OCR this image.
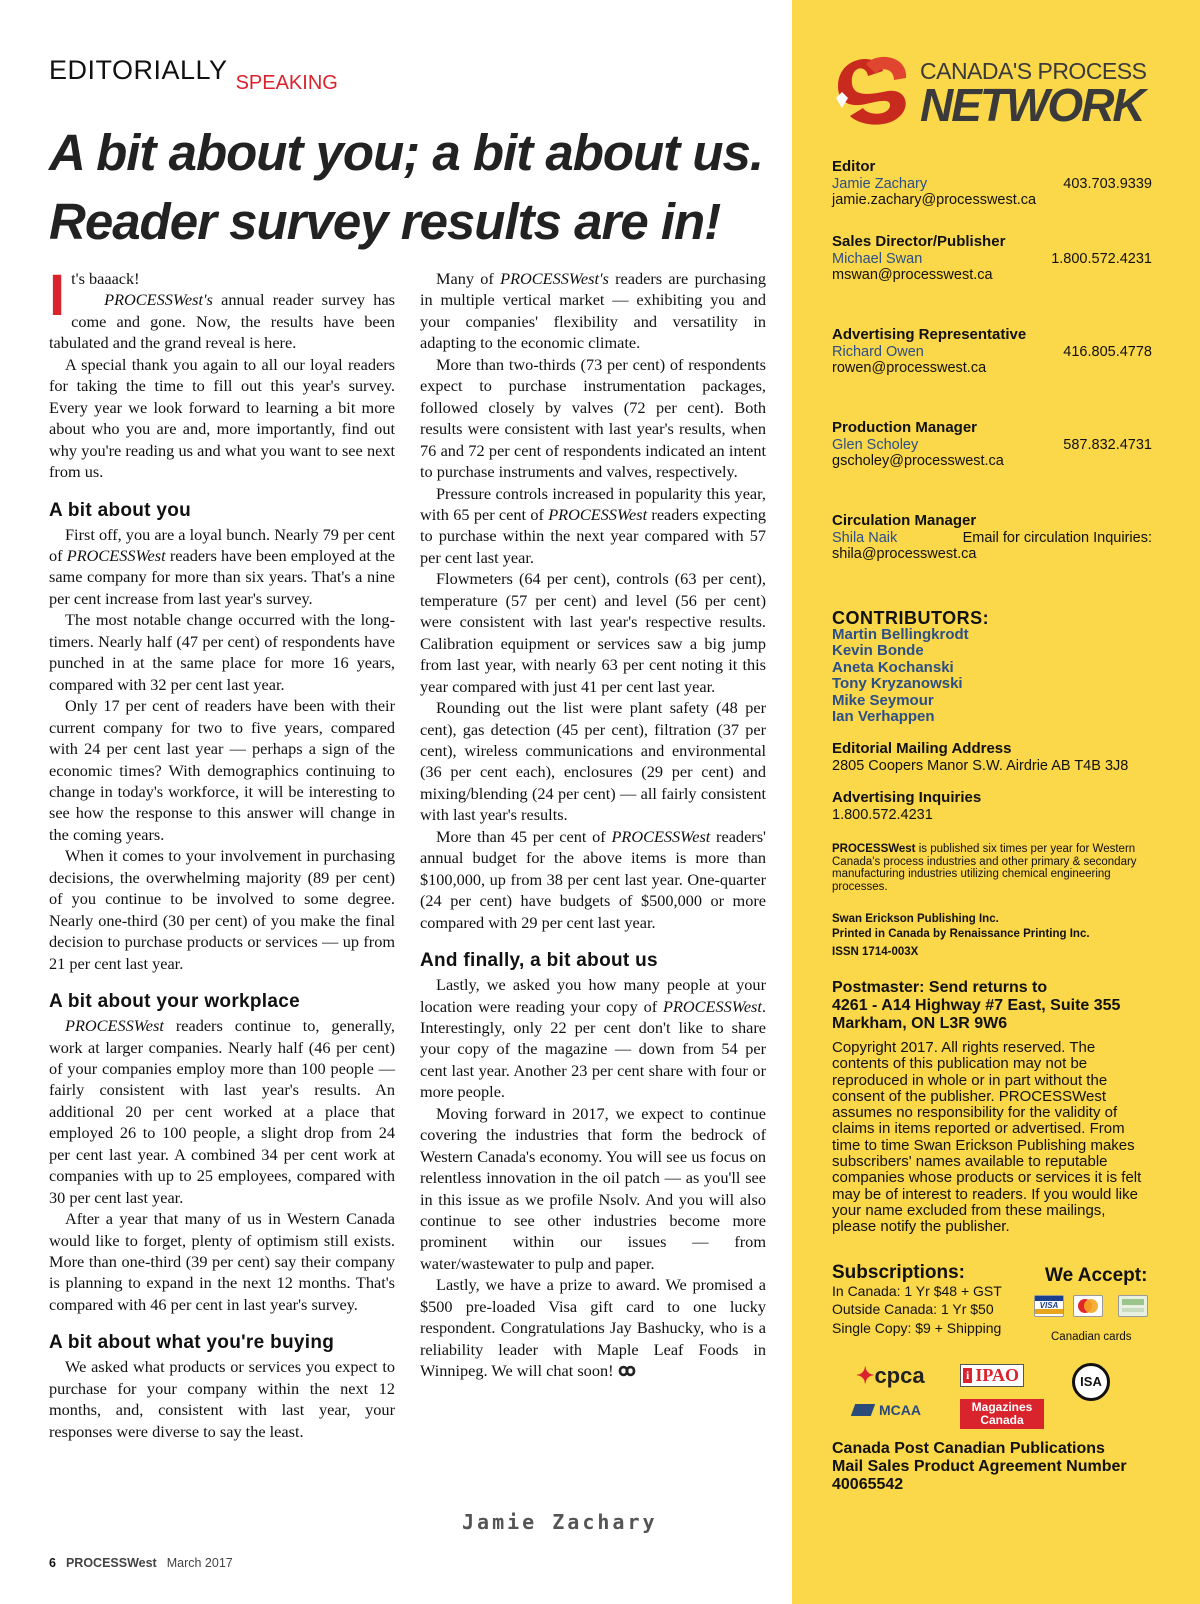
EDITORIALLY SPEAKING
A bit about you; a bit about us.
Reader survey results are in!

It's baaack!
PROCESSWest's annual reader survey has come and gone. Now, the results have been tabulated and the grand reveal is here.

A special thank you again to all our loyal readers for taking the time to fill out this year's survey. Every year we look forward to learning a bit more about who you are and, more importantly, find out why you're reading us and what you want to see next from us.

A bit about you

First off, you are a loyal bunch. Nearly 79 per cent of PROCESSWest readers have been employed at the same company for more than six years. That's a nine per cent increase from last year's survey.

The most notable change occurred with the long-timers. Nearly half (47 per cent) of respondents have punched in at the same place for more 16 years, compared with 32 per cent last year.

Only 17 per cent of readers have been with their current company for two to five years, compared with 24 per cent last year — perhaps a sign of the economic times? With demographics continuing to change in today's workforce, it will be interesting to see how the response to this answer will change in the coming years.

When it comes to your involvement in purchasing decisions, the overwhelming majority (89 per cent) of you continue to be involved to some degree. Nearly one-third (30 per cent) of you make the final decision to purchase products or services — up from 21 per cent last year.

A bit about your workplace

PROCESSWest readers continue to, generally, work at larger companies. Nearly half (46 per cent) of your companies employ more than 100 people — fairly consistent with last year's results. An additional 20 per cent worked at a place that employed 26 to 100 people, a slight drop from 24 per cent last year. A combined 34 per cent work at companies with up to 25 employees, compared with 30 per cent last year.

After a year that many of us in Western Canada would like to forget, plenty of optimism still exists. More than one-third (39 per cent) say their company is planning to expand in the next 12 months. That's compared with 46 per cent in last year's survey.

A bit about what you're buying

We asked what products or services you expect to purchase for your company within the next 12 months, and, consistent with last year, your responses were diverse to say the least.

Many of PROCESSWest's readers are purchasing in multiple vertical market — exhibiting you and your companies' flexibility and versatility in adapting to the economic climate.

More than two-thirds (73 per cent) of respondents expect to purchase instrumentation packages, followed closely by valves (72 per cent). Both results were consistent with last year's results, when 76 and 72 per cent of respondents indicated an intent to purchase instruments and valves, respectively.

Pressure controls increased in popularity this year, with 65 per cent of PROCESSWest readers expecting to purchase within the next year compared with 57 per cent last year.

Flowmeters (64 per cent), controls (63 per cent), temperature (57 per cent) and level (56 per cent) were consistent with last year's respective results. Calibration equipment or services saw a big jump from last year, with nearly 63 per cent noting it this year compared with just 41 per cent last year.

Rounding out the list were plant safety (48 per cent), gas detection (45 per cent), filtration (37 per cent), wireless communications and environmental (36 per cent each), enclosures (29 per cent) and mixing/blending (24 per cent) — all fairly consistent with last year's results.

More than 45 per cent of PROCESSWest readers' annual budget for the above items is more than $100,000, up from 38 per cent last year. One-quarter (24 per cent) have budgets of $500,000 or more compared with 29 per cent last year.

And finally, a bit about us

Lastly, we asked you how many people at your location were reading your copy of PROCESSWest. Interestingly, only 22 per cent don't like to share your copy of the magazine — down from 54 per cent last year. Another 23 per cent share with four or more people.

Moving forward in 2017, we expect to continue covering the industries that form the bedrock of Western Canada's economy. You will see us focus on relentless innovation in the oil patch — as you'll see in this issue as we profile Nsolv. And you will also continue to see other industries become more prominent within our issues — from water/wastewater to pulp and paper.

Lastly, we have a prize to award. We promised a $500 pre-loaded Visa gift card to one lucky respondent. Congratulations Jay Bashucky, who is a reliability leader with Maple Leaf Foods in Winnipeg. We will chat soon!

Jamie Zachary
6 PROCESSWest March 2017
CANADA'S PROCESS
NETWORK
Editor
Jamie Zachary	403.703.9339
jamie.zachary@processwest.ca
Sales Director/Publisher
Michael Swan	1.800.572.4231
mswan@processwest.ca
Advertising Representative
Richard Owen	416.805.4778
rowen@processwest.ca
Production Manager
Glen Scholey	587.832.4731
gscholey@processwest.ca
Circulation Manager
Shila Naik	Email for circulation Inquiries:
shila@processwest.ca
CONTRIBUTORS:
Martin Bellingkrodt
Kevin Bonde
Aneta Kochanski
Tony Kryzanowski
Mike Seymour
Ian Verhappen
Editorial Mailing Address
2805 Coopers Manor S.W. Airdrie AB T4B 3J8
Advertising Inquiries
1.800.572.4231
PROCESSWest is published six times per year for Western Canada's process industries and other primary & secondary manufacturing industries utilizing chemical engineering processes.
Swan Erickson Publishing Inc.
Printed in Canada by Renaissance Printing Inc.
ISSN 1714-003X
Postmaster: Send returns to
4261 - A14 Highway #7 East, Suite 355
Markham, ON L3R 9W6
Copyright 2017. All rights reserved. The contents of this publication may not be reproduced in whole or in part without the consent of the publisher. PROCESSWest assumes no responsibility for the validity of claims in items reported or advertised. From time to time Swan Erickson Publishing makes subscribers' names available to reputable companies whose products or services it is felt may be of interest to readers. If you would like your name excluded from these mailings, please notify the publisher.
Subscriptions:
In Canada: 1 Yr $48 + GST
Outside Canada: 1 Yr $50
Single Copy: $9 + Shipping
We Accept:
VISA
Canadian cards
✦cpca	i IPAO	ISA
MCAA	Magazines
Canada
Canada Post Canadian Publications
Mail Sales Product Agreement Number
40065542
